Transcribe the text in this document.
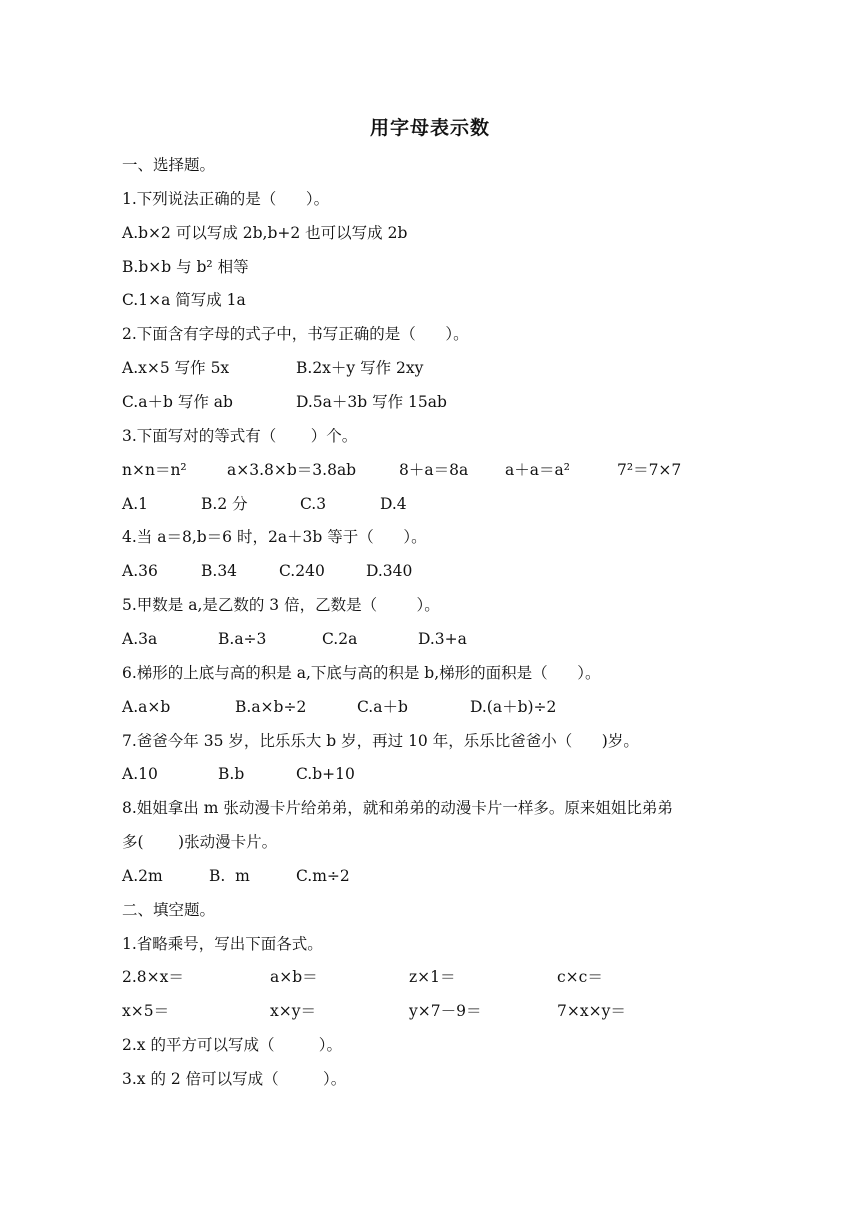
用字母表示数
一、选择题。
1.下列说法正确的是（      ）。
A.b×2 可以写成 2b,b+2 也可以写成 2b
B.b×b 与 b² 相等
C.1×a 简写成 1a
2.下面含有字母的式子中，书写正确的是（      ）。
A.x×5 写作 5x	B.2x＋y 写作 2xy
C.a＋b 写作 ab	D.5a＋3b 写作 15ab
3.下面写对的等式有（       ）个。
n×n＝n²	a×3.8×b＝3.8ab	8＋a＝8a a＋a＝a²	7²＝7×7
A.1	B.2 分	C.3	D.4
4.当 a＝8,b＝6 时，2a＋3b 等于（      ）。
A.36	B.34	C.240	D.340
5.甲数是 a,是乙数的 3 倍，乙数是（        ）。
A.3a	B.a÷3	C.2a	D.3+a
6.梯形的上底与高的积是 a,下底与高的积是 b,梯形的面积是（      ）。
A.a×b	B.a×b÷2	C.a＋b	D.(a＋b)÷2
7.爸爸今年 35 岁，比乐乐大 b 岁，再过 10 年，乐乐比爸爸小（      )岁。
A.10	B.b	C.b+10
8.姐姐拿出 m 张动漫卡片给弟弟，就和弟弟的动漫卡片一样多。原来姐姐比弟弟
多(       )张动漫卡片。
A.2m	B.  m	C.m÷2
二、填空题。
1.省略乘号，写出下面各式。
2.8×x＝	a×b＝	z×1＝	c×c＝
x×5＝	x×y＝	y×7－9＝	7×x×y＝
2.x 的平方可以写成（         ）。
3.x 的 2 倍可以写成（         ）。
